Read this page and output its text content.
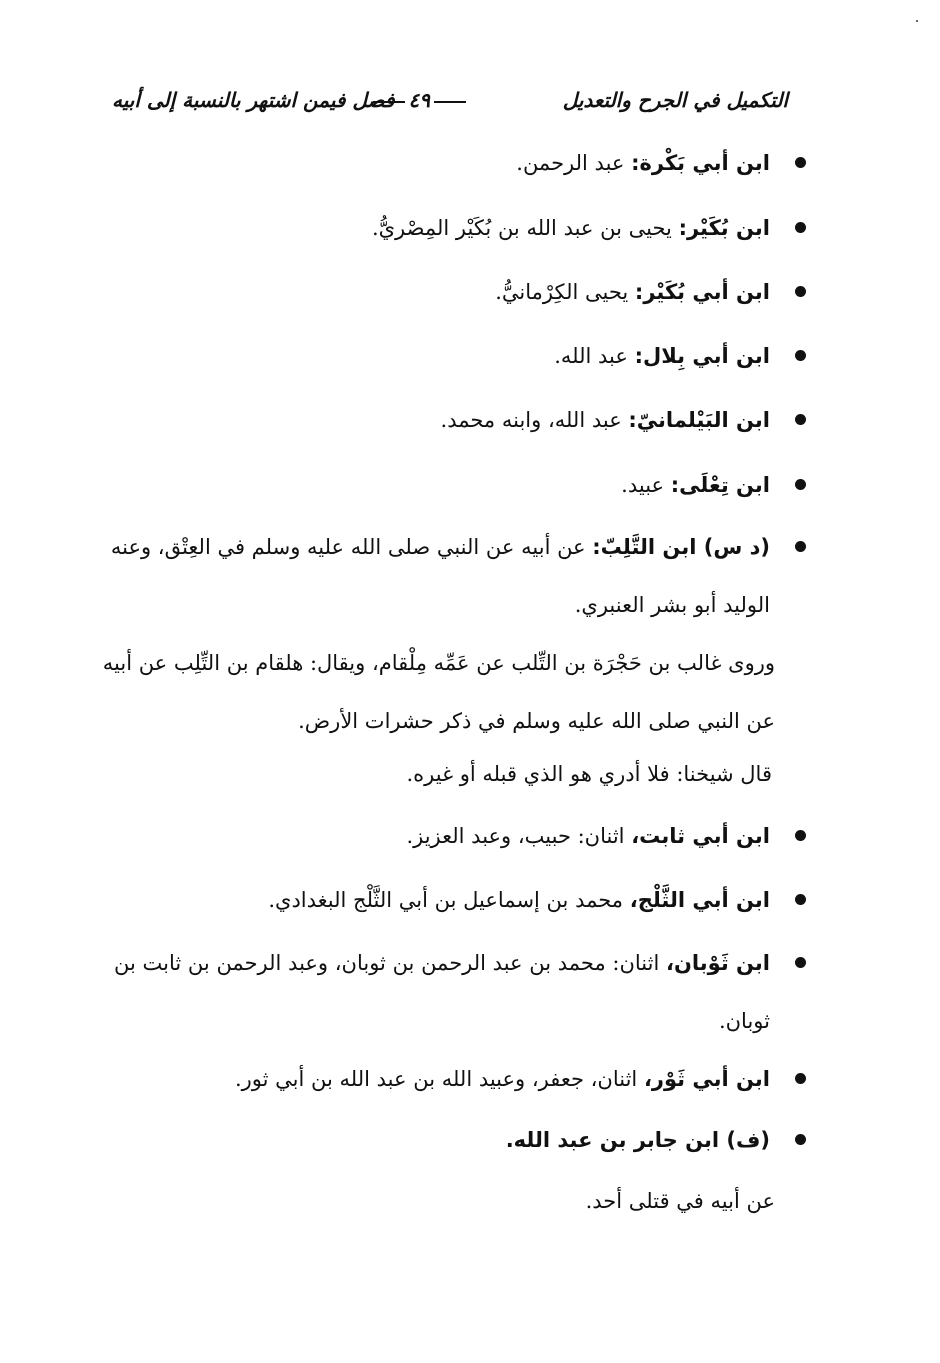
التكميل في الجرح والتعديل
٤٩
فصل فيمن اشتهر بالنسبة إلى أبيه
ابن أبي بَكْرة: عبد الرحمن.
ابن بُكَيْر: يحيى بن عبد الله بن بُكَيْر المِصْريُّ.
ابن أبي بُكَيْر: يحيى الكِرْمانيُّ.
ابن أبي بِلال: عبد الله.
ابن البَيْلمانيّ: عبد الله، وابنه محمد.
ابن تِعْلَى: عبيد.
(د س) ابن التَّلِبّ: عن أبيه عن النبي صلى الله عليه وسلم في العِتْق، وعنه الوليد أبو بشر العنبري.
وروى غالب بن حَجْرَة بن التِّلب عن عَمِّه مِلْقام، ويقال: هلقام بن التِّلِب عن أبيه عن النبي صلى الله عليه وسلم في ذكر حشرات الأرض.
قال شيخنا: فلا أدري هو الذي قبله أو غيره.
ابن أبي ثابت، اثنان: حبيب، وعبد العزيز.
ابن أبي الثَّلْج، محمد بن إسماعيل بن أبي الثَّلْج البغدادي.
ابن ثَوْبان، اثنان: محمد بن عبد الرحمن بن ثوبان، وعبد الرحمن بن ثابت بن ثوبان.
ابن أبي ثَوْر، اثنان، جعفر، وعبيد الله بن عبد الله بن أبي ثور.
(ف) ابن جابر بن عبد الله.
عن أبيه في قتلى أحد.
